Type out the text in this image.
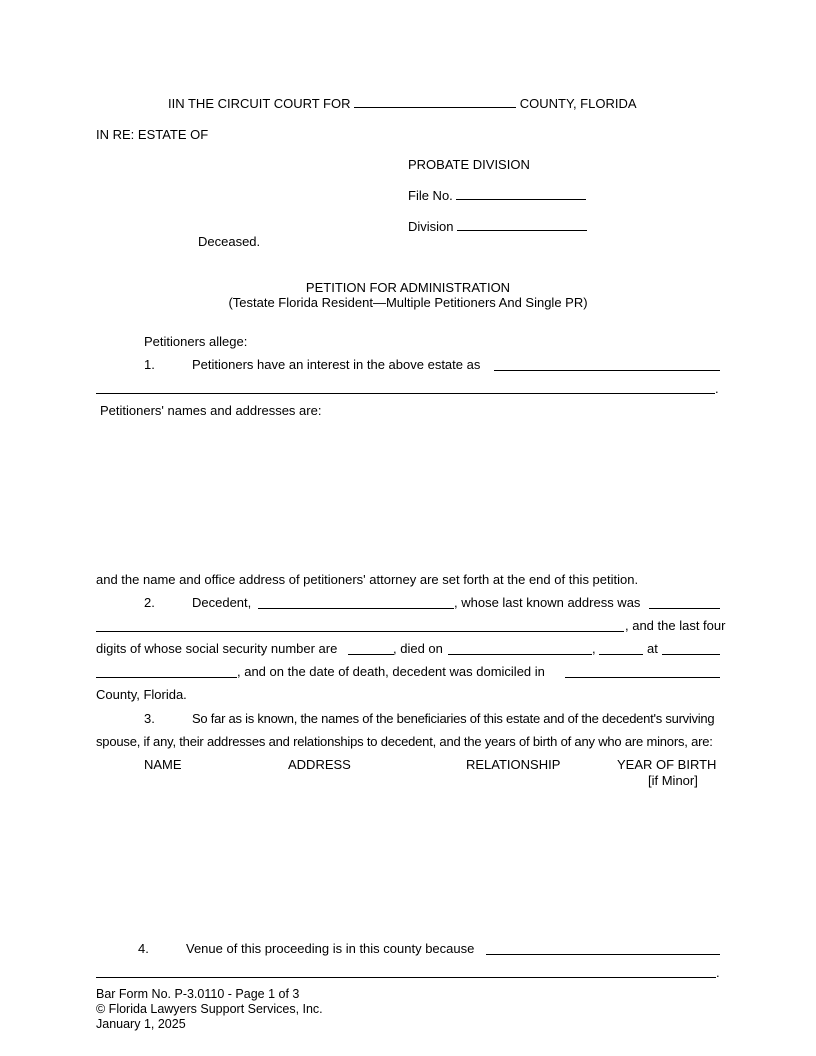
IIN THE CIRCUIT COURT FOR	COUNTY, FLORIDA
IN RE: ESTATE OF
PROBATE DIVISION
File No.
Division
Deceased.
PETITION FOR ADMINISTRATION
(Testate Florida Resident—Multiple Petitioners And Single PR)
Petitioners allege:
1.	Petitioners have an interest in the above estate as
.
Petitioners' names and addresses are:
and the name and office address of petitioners' attorney are set forth at the end of this petition.
2.	Decedent,	, whose last known address was
, and the last four
digits of whose social security number are	, died on	,	at
, and on the date of death, decedent was domiciled in
County, Florida.
3.	So far as is known, the names of the beneficiaries of this estate and of the decedent's surviving
spouse, if any, their addresses and relationships to decedent, and the years of birth of any who are minors, are:
NAME	ADDRESS	RELATIONSHIP	YEAR OF BIRTH
[if Minor]
4.	Venue of this proceeding is in this county because
.
Bar Form No. P-3.0110 - Page 1 of 3
© Florida Lawyers Support Services, Inc.
January 1, 2025
